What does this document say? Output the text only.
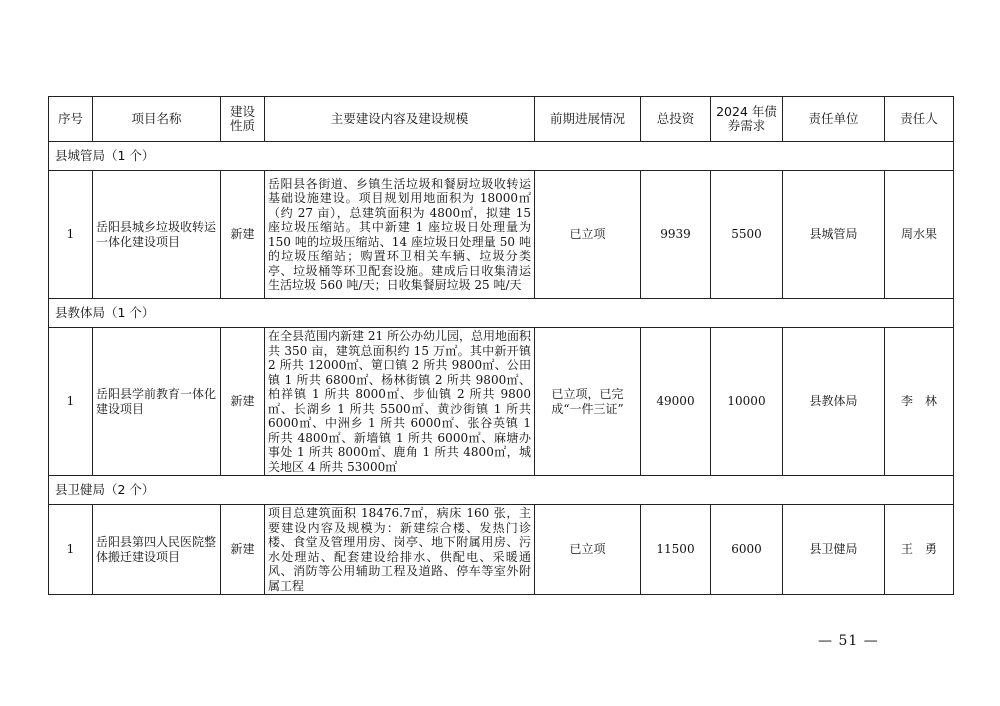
序号	项目名称	建设性质	主要建设内容及建设规模	前期进展情况	总投资	2024 年债券需求	责任单位	责任人
县城管局（1 个）								
1	岳阳县城乡垃圾收转运一体化建设项目	新建	岳阳县各街道、乡镇生活垃圾和餐厨垃圾收转运基础设施建设。项目规划用地面积为 18000㎡（约 27 亩），总建筑面积为 4800㎡，拟建 15 座垃圾压缩站。其中新建 1 座垃圾日处理量为 150 吨的垃圾压缩站、14 座垃圾日处理量 50 吨的垃圾压缩站；购置环卫相关车辆、垃圾分类亭、垃圾桶等环卫配套设施。建成后日收集清运生活垃圾 560 吨/天；日收集餐厨垃圾 25 吨/天	已立项	9939	5500	县城管局	周水果
县教体局（1 个）								
1	岳阳县学前教育一体化建设项目	新建	在全县范围内新建 21 所公办幼儿园，总用地面积共 350 亩，建筑总面积约 15 万㎡。其中新开镇 2 所共 12000㎡、筻口镇 2 所共 9800㎡、公田镇 1 所共 6800㎡、杨林街镇 2 所共 9800㎡、柏祥镇 1 所共 8000㎡、步仙镇 2 所共 9800㎡、长湖乡 1 所共 5500㎡、黄沙街镇 1 所共 6000㎡、中洲乡 1 所共 6000㎡、张谷英镇 1 所共 4800㎡、新墙镇 1 所共 6000㎡、麻塘办事处 1 所共 8000㎡、鹿角 1 所共 4800㎡，城关地区 4 所共 53000㎡	已立项，已完成“一件三证”	49000	10000	县教体局	李　林
县卫健局（2 个）								
1	岳阳县第四人民医院整体搬迁建设项目	新建	项目总建筑面积 18476.7㎡，病床 160 张，主要建设内容及规模为：新建综合楼、发热门诊楼、食堂及管理用房、岗亭、地下附属用房、污水处理站、配套建设给排水、供配电、采暖通风、消防等公用辅助工程及道路、停车等室外附属工程	已立项	11500	6000	县卫健局	王　勇
— 51 —
